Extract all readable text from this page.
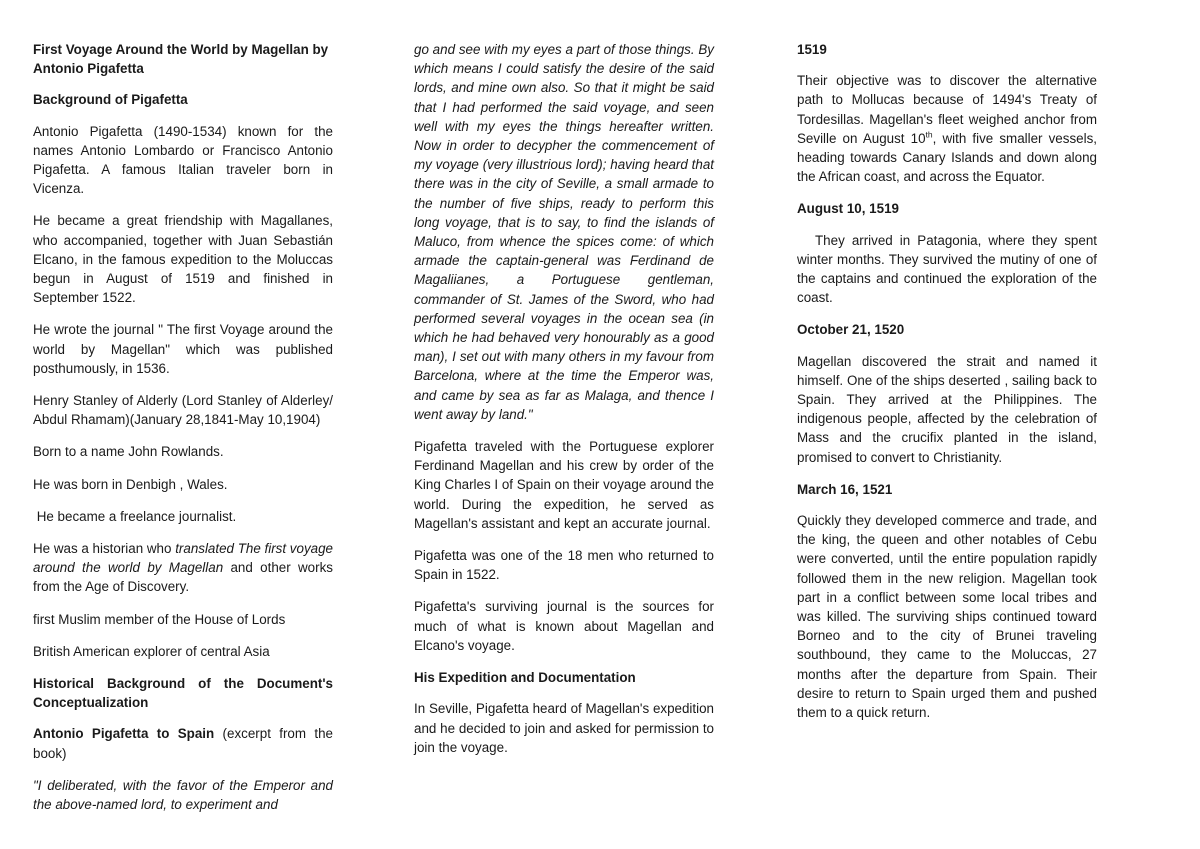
First Voyage Around the World by Magellan by Antonio Pigafetta

Background of Pigafetta

Antonio Pigafetta (1490-1534) known for the names Antonio Lombardo or Francisco Antonio Pigafetta. A famous Italian traveler born in Vicenza.

He became a great friendship with Magallanes, who accompanied, together with Juan Sebastián Elcano, in the famous expedition to the Moluccas begun in August of 1519 and finished in September 1522.

He wrote the journal " The first Voyage around the world by Magellan" which was published posthumously, in 1536.

Henry Stanley of Alderly (Lord Stanley of Alderley/ Abdul Rhamam)(January 28,1841-May 10,1904)

Born to a name John Rowlands.

He was born in Denbigh , Wales.

He became a freelance journalist.

He was a historian who translated The first voyage around the world by Magellan and other works from the Age of Discovery.

first Muslim member of the House of Lords

British American explorer of central Asia

Historical Background of the Document's Conceptualization

Antonio Pigafetta to Spain (excerpt from the book)

"I deliberated, with the favor of the Emperor and the above-named lord, to experiment and

go and see with my eyes a part of those things. By which means I could satisfy the desire of the said lords, and mine own also. So that it might be said that I had performed the said voyage, and seen well with my eyes the things hereafter written. Now in order to decypher the commencement of my voyage (very illustrious lord); having heard that there was in the city of Seville, a small armade to the number of five ships, ready to perform this long voyage, that is to say, to find the islands of Maluco, from whence the spices come: of which armade the captain-general was Ferdinand de Magaliianes, a Portuguese gentleman, commander of St. James of the Sword, who had performed several voyages in the ocean sea (in which he had behaved very honourably as a good man), I set out with many others in my favour from Barcelona, where at the time the Emperor was, and came by sea as far as Malaga, and thence I went away by land."

Pigafetta traveled with the Portuguese explorer Ferdinand Magellan and his crew by order of the King Charles I of Spain on their voyage around the world. During the expedition, he served as Magellan's assistant and kept an accurate journal.

Pigafetta was one of the 18 men who returned to Spain in 1522.

Pigafetta's surviving journal is the sources for much of what is known about Magellan and Elcano's voyage.

His Expedition and Documentation

In Seville, Pigafetta heard of Magellan's expedition and he decided to join and asked for permission to join the voyage.

1519

Their objective was to discover the alternative path to Mollucas because of 1494's Treaty of Tordesillas. Magellan's fleet weighed anchor from Seville on August 10th, with five smaller vessels, heading towards Canary Islands and down along the African coast, and across the Equator.

August 10, 1519

They arrived in Patagonia, where they spent winter months. They survived the mutiny of one of the captains and continued the exploration of the coast.

October 21, 1520

Magellan discovered the strait and named it himself. One of the ships deserted , sailing back to Spain. They arrived at the Philippines. The indigenous people, affected by the celebration of Mass and the crucifix planted in the island, promised to convert to Christianity.

March 16, 1521

Quickly they developed commerce and trade, and the king, the queen and other notables of Cebu were converted, until the entire population rapidly followed them in the new religion. Magellan took part in a conflict between some local tribes and was killed. The surviving ships continued toward Borneo and to the city of Brunei traveling southbound, they came to the Moluccas, 27 months after the departure from Spain. Their desire to return to Spain urged them and pushed them to a quick return.
